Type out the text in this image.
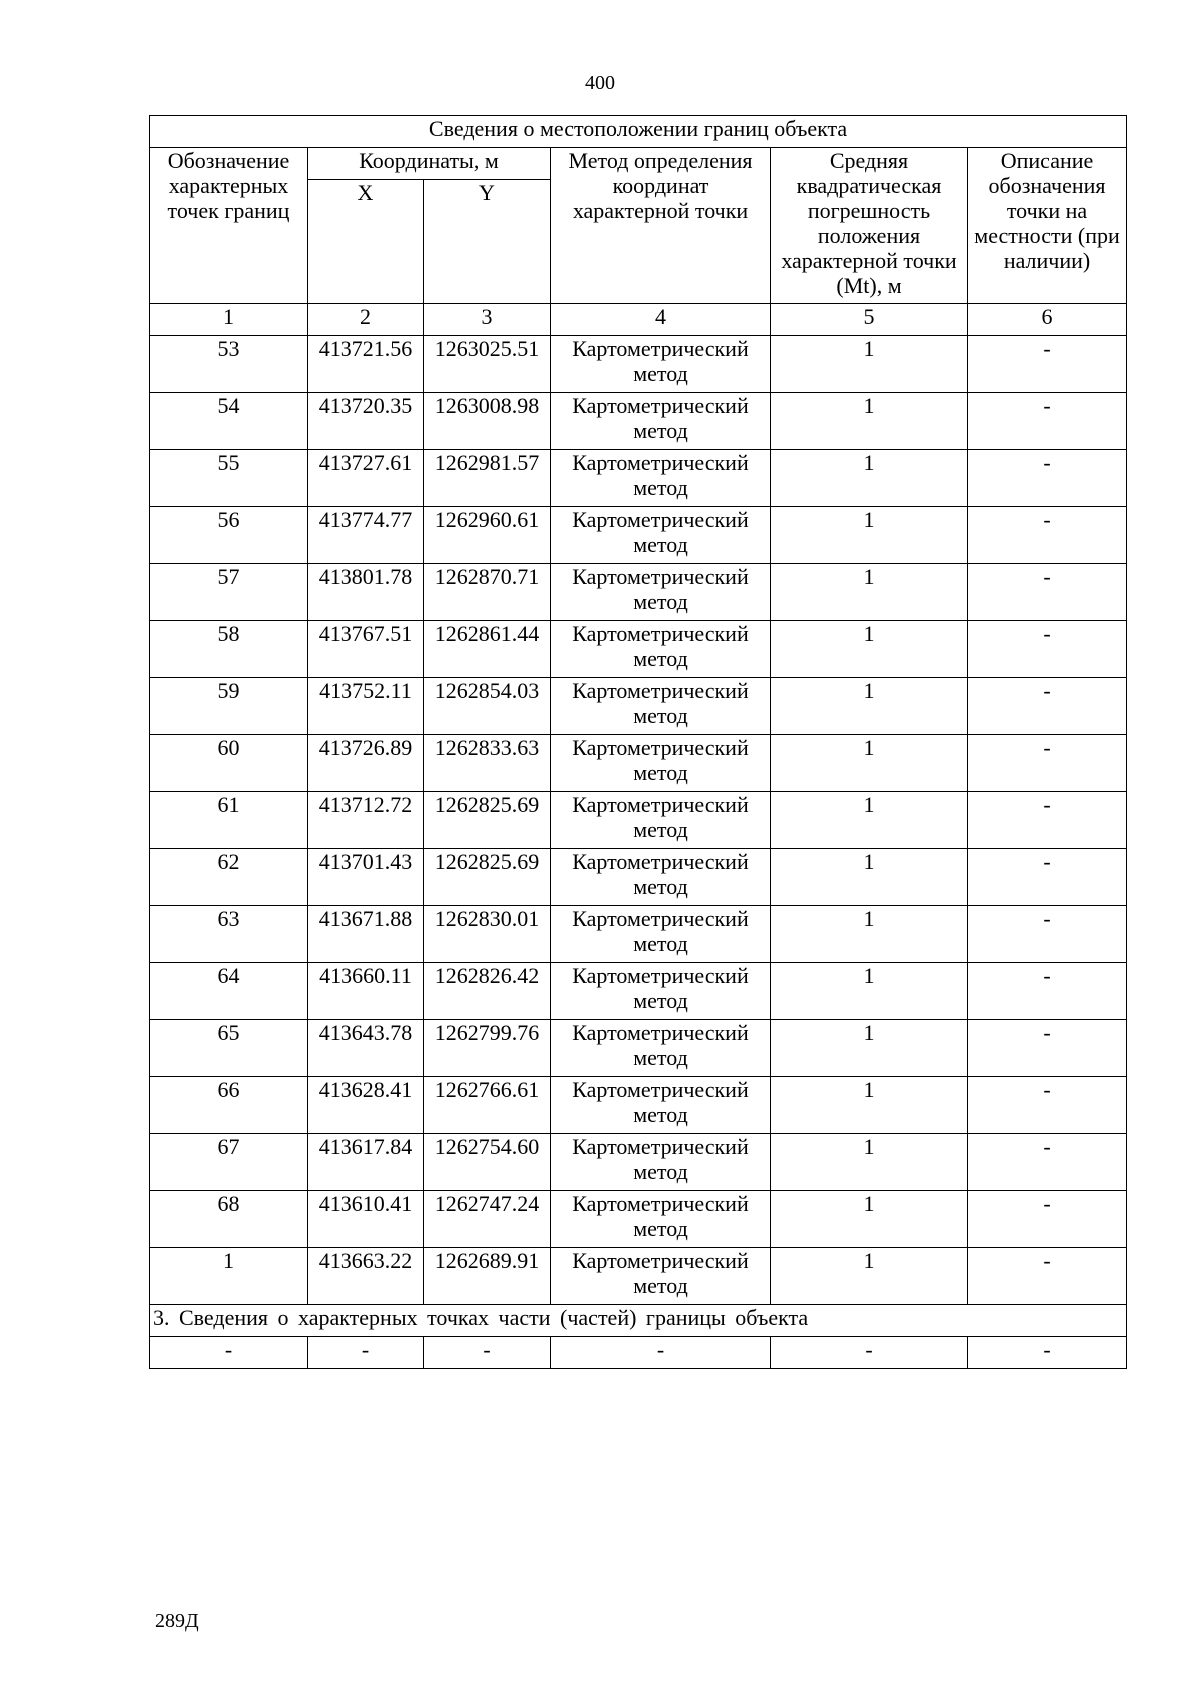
400
Сведения о местоположении границ объекта					
Обозначение характерных точек границ	Координаты, м		Метод определения координат характерной точки	Средняя квадратическая погрешность положения характерной точки (Mt), м	Описание обозначения точки на местности (при наличии)
	X	Y			
1	2	3	4	5	6
53	413721.56	1263025.51	Картометрический метод	1	-
54	413720.35	1263008.98	Картометрический метод	1	-
55	413727.61	1262981.57	Картометрический метод	1	-
56	413774.77	1262960.61	Картометрический метод	1	-
57	413801.78	1262870.71	Картометрический метод	1	-
58	413767.51	1262861.44	Картометрический метод	1	-
59	413752.11	1262854.03	Картометрический метод	1	-
60	413726.89	1262833.63	Картометрический метод	1	-
61	413712.72	1262825.69	Картометрический метод	1	-
62	413701.43	1262825.69	Картометрический метод	1	-
63	413671.88	1262830.01	Картометрический метод	1	-
64	413660.11	1262826.42	Картометрический метод	1	-
65	413643.78	1262799.76	Картометрический метод	1	-
66	413628.41	1262766.61	Картометрический метод	1	-
67	413617.84	1262754.60	Картометрический метод	1	-
68	413610.41	1262747.24	Картометрический метод	1	-
1	413663.22	1262689.91	Картометрический метод	1	-
3. Сведения о характерных точках части (частей) границы объекта					
-	-	-	-	-	-
289Д
